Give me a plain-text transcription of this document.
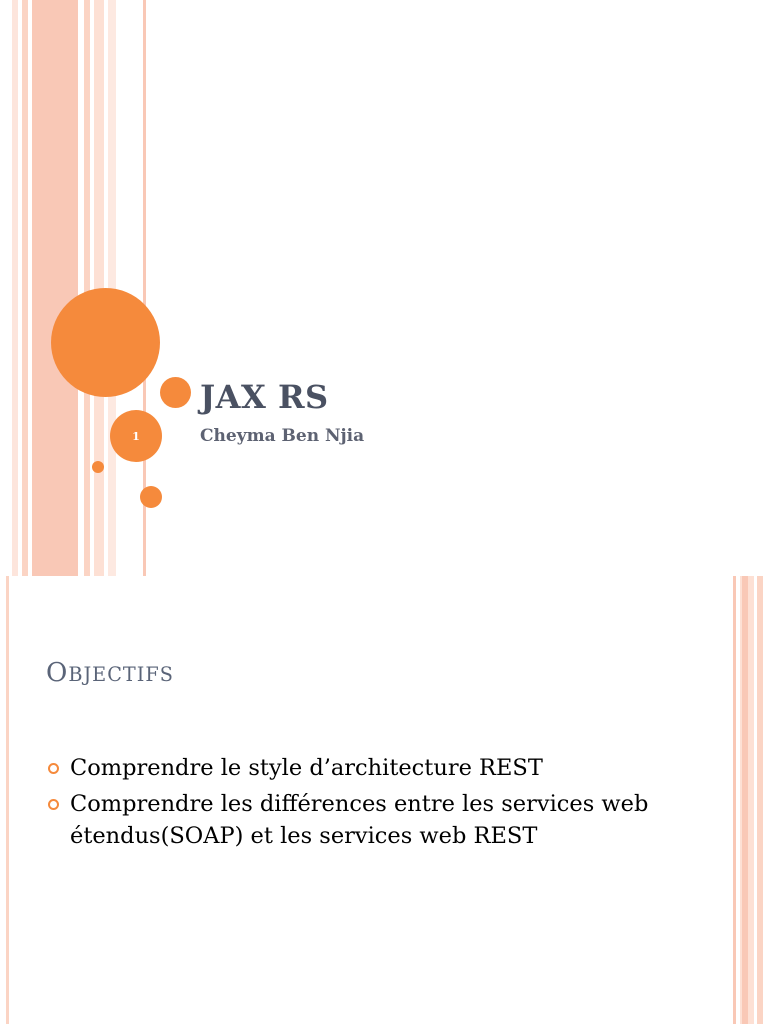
1
JAX RS
Cheyma Ben Njia
OBJECTIFS
Comprendre le style d’architecture REST
Comprendre les différences entre les services web étendus(SOAP) et les services web REST
